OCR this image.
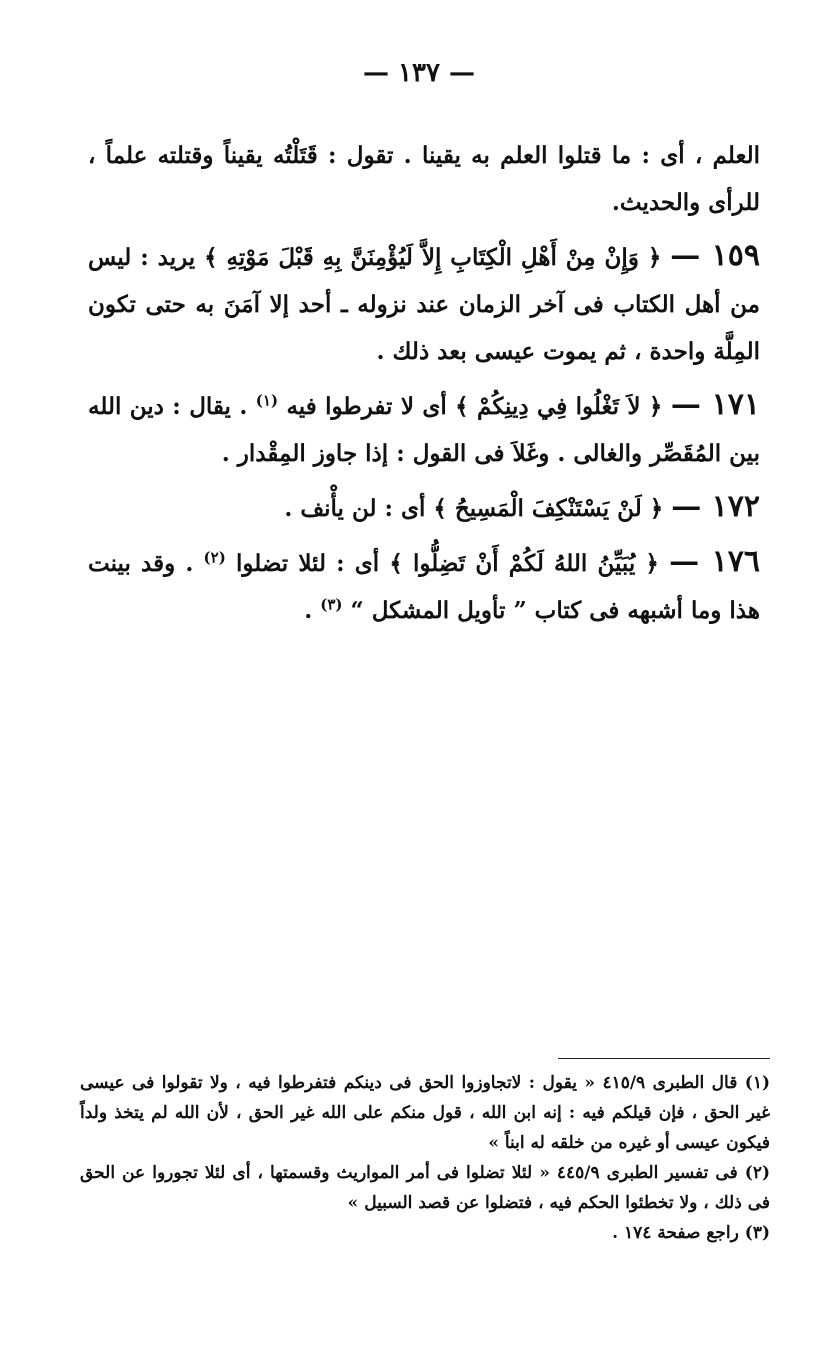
— ١٣٧ —

العلم ، أى : ما قتلوا العلم به يقينا . تقول : قَتَلْتُه يقيناً وقتلته علماً ، للرأى والحديث.

١٥٩ — ﴿ وَإِنْ مِنْ أَهْلِ الْكِتَابِ إِلاَّ لَيُؤْمِنَنَّ بِهِ قَبْلَ مَوْتِهِ ﴾ يريد : ليس من أهل الكتاب فى آخر الزمان عند نزوله ـ أحد إلا آمَنَ به حتى تكون المِلَّة واحدة ، ثم يموت عيسى بعد ذلك .

١٧١ — ﴿ لاَ تَغْلُوا فِي دِينِكُمْ ﴾ أى لا تفرطوا فيه $^{(١)}$ . يقال : دين الله بين المُقَصِّر والغالى . وغَلاَ فى القول : إذا جاوز المِقْدار .

١٧٢ — ﴿ لَنْ يَسْتَنْكِفَ الْمَسِيحُ ﴾ أى : لن يأْنف .

١٧٦ — ﴿ يُبَيِّنُ اللهُ لَكُمْ أَنْ تَضِلُّوا ﴾ أى : لئلا تضلوا $^{(٢)}$ . وقد بينت هذا وما أشبهه فى كتاب ” تأويل المشكل “ $^{(٣)}$ .

(١) قال الطبرى ٤١٥/٩ « يقول : لاتجاوزوا الحق فى دينكم فتفرطوا فيه ، ولا تقولوا فى عيسى غير الحق ، فإن قيلكم فيه : إنه ابن الله ، قول منكم على الله غير الحق ، لأن الله لم يتخذ ولداً فيكون عيسى أو غيره من خلقه له ابناً »

(٢) فى تفسير الطبرى ٤٤٥/٩ « لئلا تضلوا فى أمر المواريث وقسمتها ، أى لئلا تجوروا عن الحق فى ذلك ، ولا تخطئوا الحكم فيه ، فتضلوا عن قصد السبيل »

(٣) راجع صفحة ١٧٤ .
